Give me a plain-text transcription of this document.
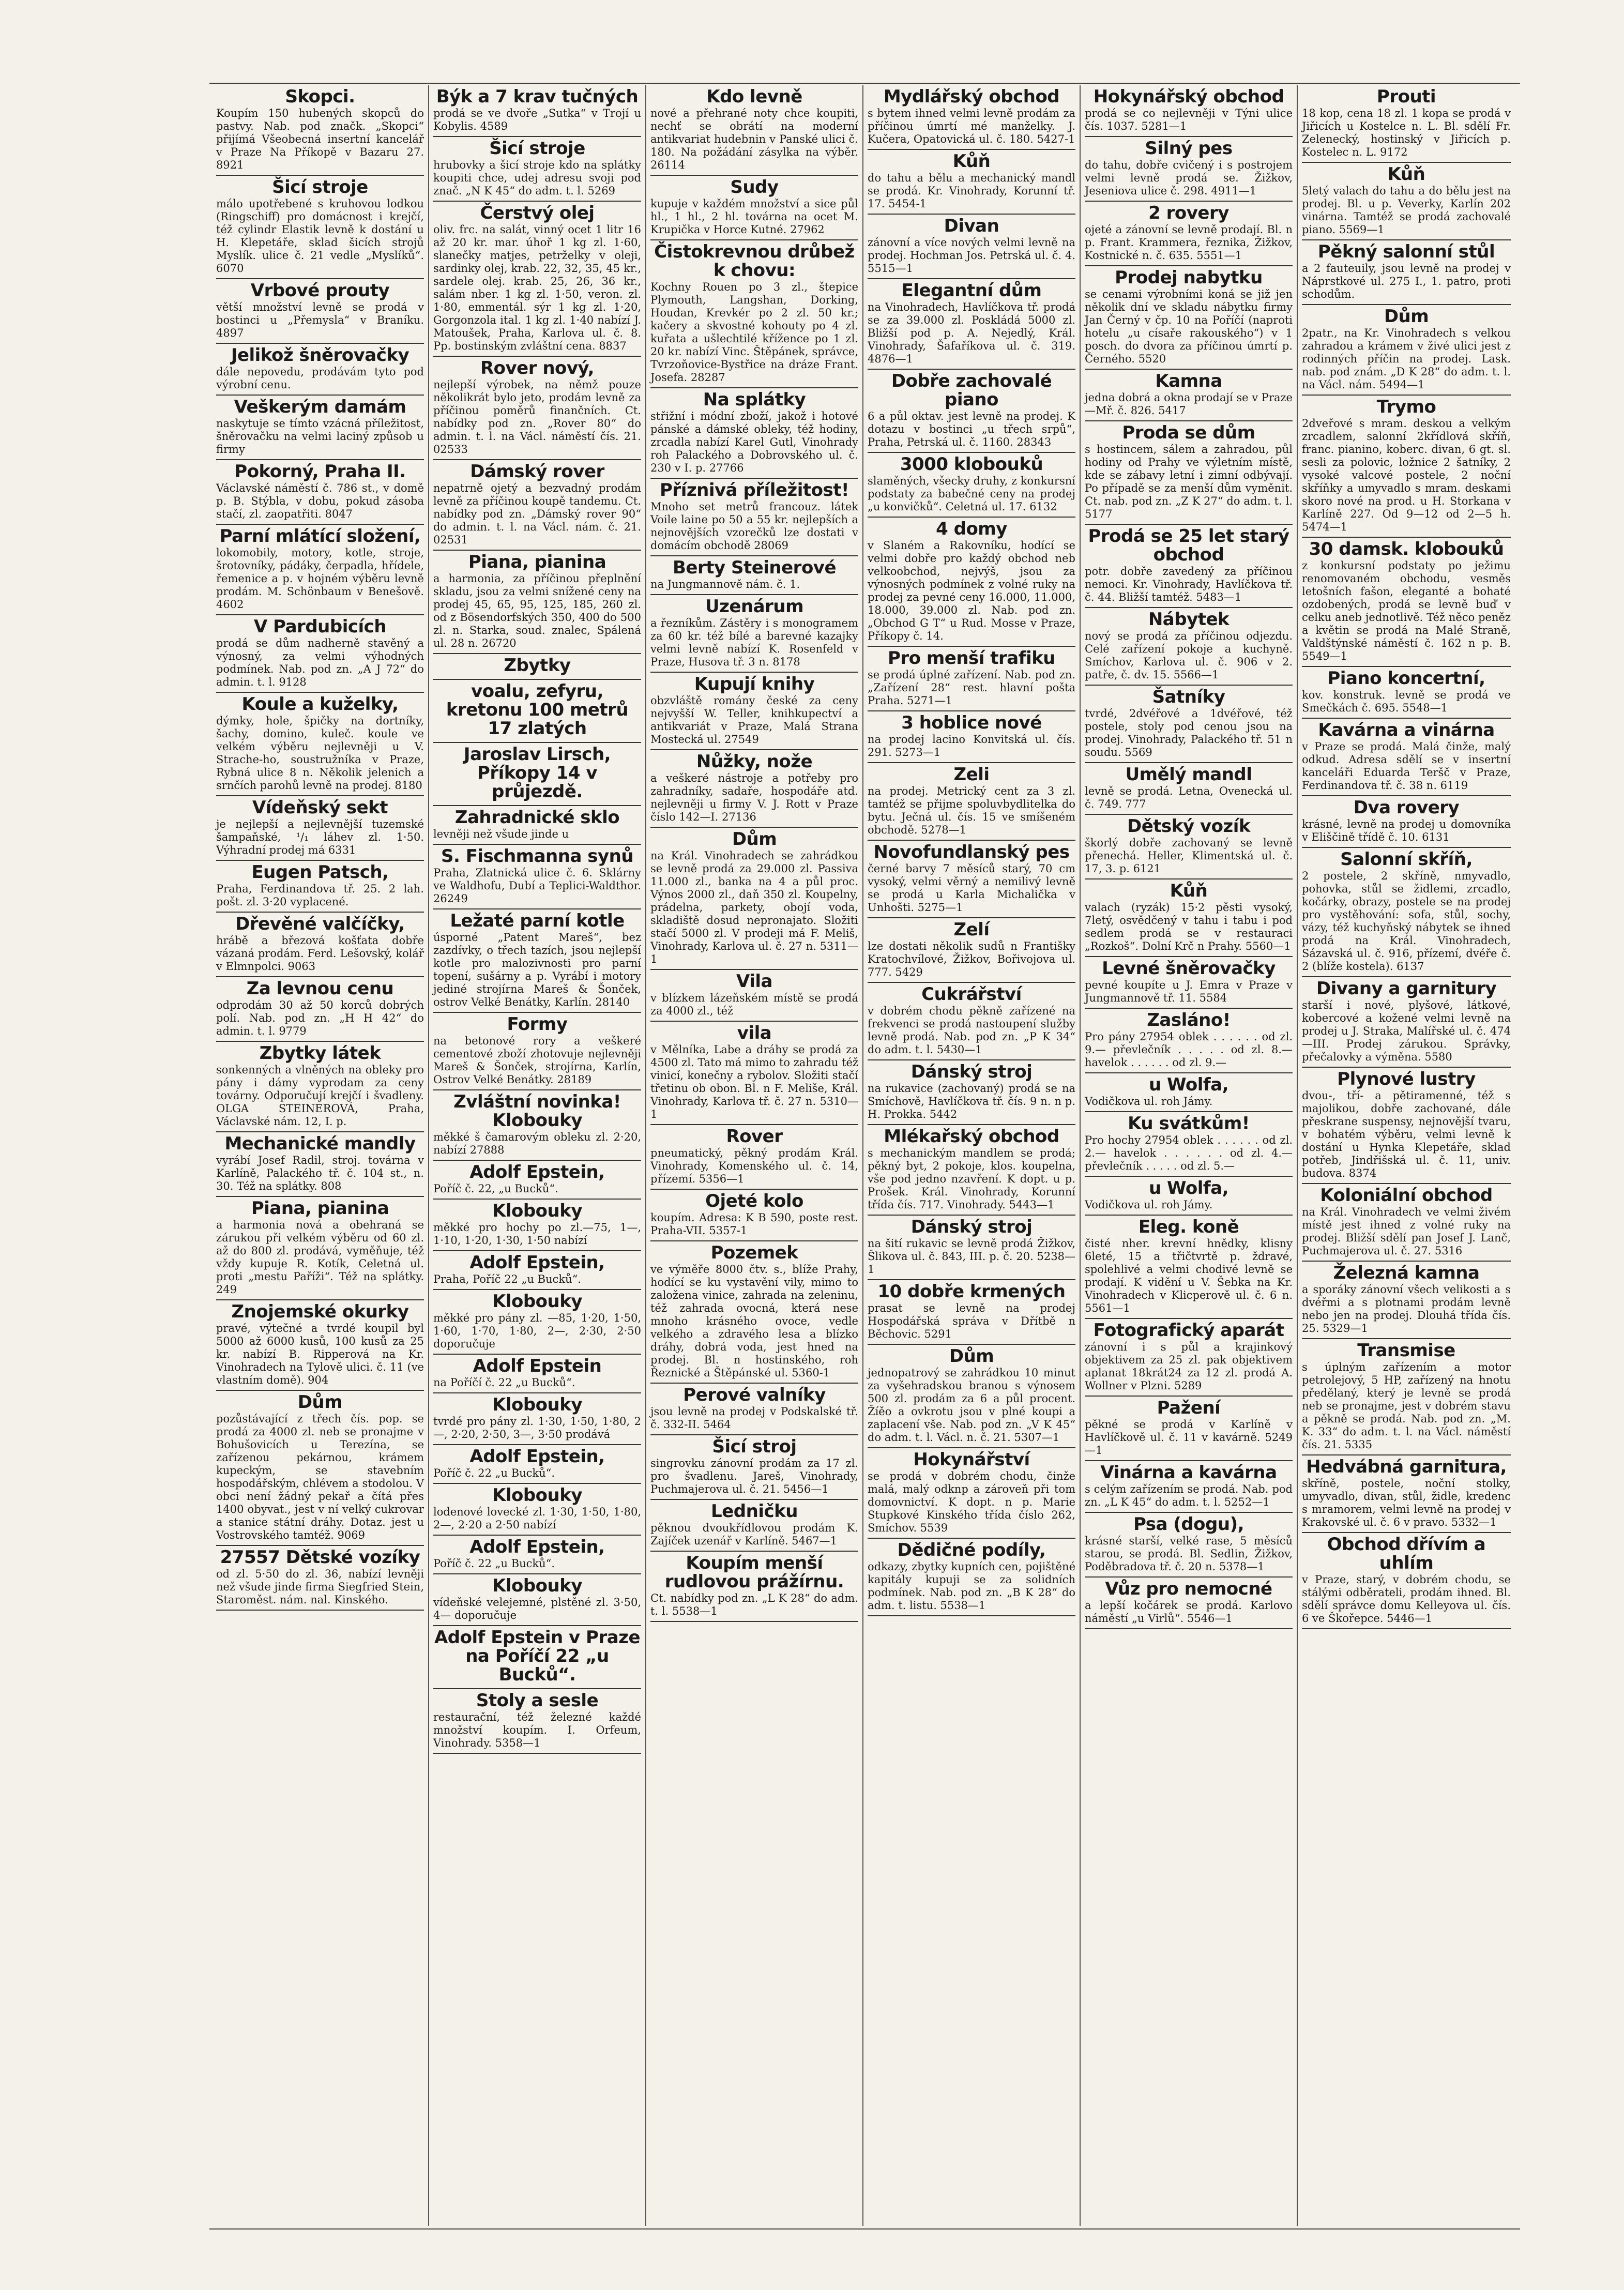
Skopci.

Koupím 150 hubených skopců do pastvy. Nab. pod značk. „Skopci“ přijímá Všeobecná insertní kancelář v Praze Na Příkopě v Bazaru 27. 8921

Šicí stroje

málo upotřebené s kruhovou lodkou (Ringschiff) pro domácnost i krejčí, též cylindr Elastik levně k dostání u H. Klepetáře, sklad šicích strojů Myslík. ulice č. 21 vedle „Myslíků“. 6070

Vrbové prouty

větší množství levně se prodá v bostinci u „Přemysla“ v Braníku. 4897

Jelikož šněrovačky

dále nepovedu, prodávám tyto pod výrobní cenu.

Veškerým damám

naskytuje se tímto vzácná příležitost, šněrovačku na velmi laciný způsob u firmy

Pokorný, Praha II.

Václavské náměstí č. 786 st., v domě p. B. Stýbla, v dobu, pokud zásoba stačí, zl. zaopatřiti. 8047

Parní mlátící složení,

lokomobily, motory, kotle, stroje, šrotovníky, pádáky, čerpadla, hřídele, řemenice a p. v hojném výběru levně prodám. M. Schönbaum v Benešově. 4602

V Pardubicích

prodá se dům nadherně stavěný a výnosný, za velmi výhodných podmínek. Nab. pod zn. „A J 72“ do admin. t. l. 9128

Koule a kuželky,

dýmky, hole, špičky na dortníky, šachy, domino, kuleč. koule ve velkém výběru nejlevněji u V. Strache-ho, soustružníka v Praze, Rybná ulice 8 n. Několik jelenich a srnčích parohů levně na prodej. 8180

Vídeňský sekt

je nejlepší a nejlevnější tuzemské šampaňské, ¹/₁ láhev zl. 1·50. Výhradní prodej má 6331

Eugen Patsch,

Praha, Ferdinandova tř. 25. 2 lah. pošt. zl. 3·20 vyplacené.

Dřevěné valčíčky,

hrábě a březová košťata dobře vázaná prodám. Ferd. Lešovský, kolář v Elmnpolci. 9063

Za levnou cenu

odprodám 30 až 50 korců dobrých polí. Nab. pod zn. „H H 42“ do admin. t. l. 9779

Zbytky látek

sonkenných a vlněných na obleky pro pány i dámy vyprodam za ceny továrny. Odporučují krejčí i švadleny. OLGA STEINEROVÁ, Praha, Václavské nám. 12, I. p.

Mechanické mandly

vyrábí Josef Radil, stroj. továrna v Karlíně, Palackého tř. č. 104 st., n. 30. Též na splátky. 808

Piana, pianina

a harmonia nová a obehraná se zárukou při velkém výběru od 60 zl. až do 800 zl. prodává, vyměňuje, též vždy kupuje R. Kotík, Celetná ul. proti „mestu Paříži“. Též na splátky. 249

Znojemské okurky

pravé, výtečné a tvrdé koupil byl 5000 až 6000 kusů, 100 kusů za 25 kr. nabízí B. Ripperová na Kr. Vinohradech na Tylově ulici. č. 11 (ve vlastním domě). 904

Dům

pozůstávající z třech čís. pop. se prodá za 4000 zl. neb se pronajme v Bohušovicích u Terezína, se zařízenou pekárnou, krámem kupeckým, se stavebním hospodářským, chlévem a stodolou. V obci není žádný pekař a čítá přes 1400 obyvat., jest v ní velký cukrovar a stanice státní dráhy. Dotaz. jest u Vostrovského tamtéž. 9069

27557 Dětské vozíky

od zl. 5·50 do zl. 36, nabízí levněji než všude jinde firma Siegfried Stein, Staroměst. nám. nal. Kinského.

Býk a 7 krav tučných

prodá se ve dvoře „Sutka“ v Trojí u Kobylis. 4589

Šicí stroje

hrubovky a šicí stroje kdo na splátky koupiti chce, udej adresu svoji pod znač. „N K 45“ do adm. t. l. 5269

Čerstvý olej

oliv. frc. na salát, vinný ocet 1 litr 16 až 20 kr. mar. úhoř 1 kg zl. 1·60, slanečky matjes, petrželky v oleji, sardinky olej, krab. 22, 32, 35, 45 kr., sardele olej. krab. 25, 26, 36 kr., salám nber. 1 kg zl. 1·50, veron. zl. 1·80, emmentál. sýr 1 kg zl. 1·20, Gorgonzola ital. 1 kg zl. 1·40 nabízí J. Matoušek, Praha, Karlova ul. č. 8. Pp. bostinským zvláštní cena. 8837

Rover nový,

nejlepší výrobek, na němž pouze několikrát bylo jeto, prodám levně za příčinou poměrů finančních. Ct. nabídky pod zn. „Rover 80“ do admin. t. l. na Václ. náměstí čís. 21. 02533

Dámský rover

nepatrně ojetý a bezvadný prodám levně za příčinou koupě tandemu. Ct. nabídky pod zn. „Dámský rover 90“ do admin. t. l. na Václ. nám. č. 21. 02531

Piana, pianina

a harmonia, za příčinou přeplnění skladu, jsou za velmi snížené ceny na prodej 45, 65, 95, 125, 185, 260 zl. od z Bösendorfských 350, 400 do 500 zl. n. Starka, soud. znalec, Spálená ul. 28 n. 26720

Zbytky
voalu, zefyru, kretonu 100 metrů 17 zlatých
Jaroslav Lirsch, Příkopy 14 v průjezdě.
Zahradnické sklo

levněji než všude jinde u

S. Fischmanna synů

Praha, Zlatnická ulice č. 6. Sklárny ve Waldhofu, Dubí a Teplici-Waldthor. 26249

Ležaté parní kotle

úsporné „Patent Mareš“, bez zazdívky, o třech tazích, jsou nejlepší kotle pro malozivnosti pro parní topení, sušárny a p. Vyrábí i motory jediné strojírna Mareš & Šonček, ostrov Velké Benátky, Karlín. 28140

Formy

na betonové rory a veškeré cementové zboží zhotovuje nejlevněji Mareš & Šonček, strojírna, Karlín, Ostrov Velké Benátky. 28189

Zvláštní novinka! Klobouky

měkké š čamarovým obleku zl. 2·20, nabízí 27888

Adolf Epstein,

Poříč č. 22, „u Bucků“.

Klobouky

měkké pro hochy po zl.—75, 1—, 1·10, 1·20, 1·30, 1·50 nabízí

Adolf Epstein,

Praha, Poříč 22 „u Bucků“.

Klobouky

měkké pro pány zl. —85, 1·20, 1·50, 1·60, 1·70, 1·80, 2—, 2·30, 2·50 doporučuje

Adolf Epstein

na Poříčí č. 22 „u Bucků“.

Klobouky

tvrdé pro pány zl. 1·30, 1·50, 1·80, 2—, 2·20, 2·50, 3—, 3·50 prodává

Adolf Epstein,

Poříč č. 22 „u Bucků“.

Klobouky

lodenové lovecké zl. 1·30, 1·50, 1·80, 2—, 2·20 a 2·50 nabízí

Adolf Epstein,

Poříč č. 22 „u Bucků“.

Klobouky

vídeňské velejemné, plstěné zl. 3·50, 4— doporučuje

Adolf Epstein v Praze na Poříčí 22 „u Bucků“.
Stoly a sesle

restaurační, též železné každé množství koupím. I. Orfeum, Vinohrady. 5358—1

Kdo levně

nové a přehrané noty chce koupiti, nechť se obrátí na moderní antikvariat hudebnin v Panské ulici č. 180. Na požádání zásylka na výběr. 26114

Sudy

kupuje v každém množství a sice půl hl., 1 hl., 2 hl. továrna na ocet M. Krupička v Horce Kutné. 27962

Čistokrevnou drůbež k chovu:

Kochny Rouen po 3 zl., štepice Plymouth, Langshan, Dorking, Houdan, Krevkér po 2 zl. 50 kr.; kačery a skvostné kohouty po 4 zl. kuřata a ušlechtilé křížence po 1 zl. 20 kr. nabízí Vinc. Štěpánek, správce, Tvrzoňovice-Bystřice na dráze Frant. Josefa. 28287

Na splátky

střižní i módní zboží, jakož i hotové pánské a dámské obleky, též hodiny, zrcadla nabízí Karel Gutl, Vinohrady roh Palackého a Dobrovského ul. č. 230 v I. p. 27766

Příznivá příležitost!

Mnoho set metrů francouz. látek Voile laine po 50 a 55 kr. nejlepších a nejnovějších vzorečků lze dostati v domácím obchodě 28069

Berty Steinerové

na Jungmannově nám. č. 1.

Uzenárum

a řezníkům. Zástěry i s monogramem za 60 kr. též bílé a barevné kazajky velmi levně nabízí K. Rosenfeld v Praze, Husova tř. 3 n. 8178

Kupují knihy

obzvláště romány české za ceny nejvyšší W. Teller, knihkupectví a antikvariát v Praze, Malá Strana Mostecká ul. 27549

Nůžky, nože

a veškeré nástroje a potřeby pro zahradníky, sadaře, hospodáře atd. nejlevněji u firmy V. J. Rott v Praze číslo 142—I. 27136

Dům

na Král. Vinohradech se zahrádkou se levně prodá za 29.000 zl. Passiva 11.000 zl., banka na 4 a půl proc. Výnos 2000 zl., daň 350 zl. Koupelny, prádelna, parkety, obojí voda, skladiště dosud nepronajato. Složiti stačí 5000 zl. V prodeji má F. Meliš, Vinohrady, Karlova ul. č. 27 n. 5311—1

Vila

v blízkem lázeňském místě se prodá za 4000 zl., též

vila

v Mělníka, Labe a dráhy se prodá za 4500 zl. Tato má mimo to zahradu též vinicí, konečny a rybolov. Složiti stačí třetinu ob obon. Bl. n F. Meliše, Král. Vinohrady, Karlova tř. č. 27 n. 5310—1

Rover

pneumatický, pěkný prodám Král. Vinohrady, Komenského ul. č. 14, přízemí. 5356—1

Ojeté kolo

koupím. Adresa: K B 590, poste rest. Praha-VII. 5357-1

Pozemek

ve výměře 8000 čtv. s., blíže Prahy, hodící se ku vystavění vily, mimo to založena vinice, zahrada na zeleninu, též zahrada ovocná, která nese mnoho krásného ovoce, vedle velkého a zdravého lesa a blízko dráhy, dobrá voda, jest hned na prodej. Bl. n hostinského, roh Řeznické a Štěpánské ul. 5360-1

Perové valníky

jsou levně na prodej v Podskalské tř. č. 332-II. 5464

Šicí stroj

singrovku zánovní prodám za 17 zl. pro švadlenu. Jareš, Vinohrady, Puchmajerova ul. č. 21. 5456—1

Ledničku

pěknou dvoukřídlovou prodám K. Zajíček uzenář v Karlíně. 5467—1

Koupím menší rudlovou prážírnu.

Ct. nabídky pod zn. „L K 28“ do adm. t. l. 5538—1

Mydlářský obchod

s bytem ihned velmi levně prodám za příčinou úmrtí mé manželky. J. Kučera, Opatovická ul. č. 180. 5427-1

Kůň

do tahu a bělu a mechanický mandl se prodá. Kr. Vinohrady, Korunní tř. 17. 5454-1

Divan

zánovní a více nových velmi levně na prodej. Hochman Jos. Petrská ul. č. 4. 5515—1

Elegantní dům

na Vinohradech, Havlíčkova tř. prodá se za 39.000 zl. Poskládá 5000 zl. Bližší pod p. A. Nejedlý, Král. Vinohrady, Šafaříkova ul. č. 319. 4876—1

Dobře zachovalé piano

6 a půl oktav. jest levně na prodej. K dotazu v bostinci „u třech srpů“, Praha, Petrská ul. č. 1160. 28343

3000 klobouků

slaměných, všecky druhy, z konkursní podstaty za babečné ceny na prodej „u konvičků“. Celetná ul. 17. 6132

4 domy

v Slaném a Rakovníku, hodící se velmi dobře pro každý obchod neb velkoobchod, nejvýš, jsou za výnosných podmínek z volné ruky na prodej za pevné ceny 16.000, 11.000, 18.000, 39.000 zl. Nab. pod zn. „Obchod G T“ u Rud. Mosse v Praze, Příkopy č. 14.

Pro menší trafiku

se prodá úplné zařízení. Nab. pod zn. „Zařízení 28“ rest. hlavní pošta Praha. 5271—1

3 hoblice nové

na prodej lacino Konvitská ul. čís. 291. 5273—1

Zeli

na prodej. Metrický cent za 3 zl. tamtéž se přijme spoluvbydlitelka do bytu. Ječná ul. čís. 15 ve smíšeném obchodě. 5278—1

Novofundlanský pes

černé barvy 7 měsíců starý, 70 cm vysoký, velmi věrný a nemilivý levně se prodá u Karla Michalička v Unhošti. 5275—1

Zelí

lze dostati několik sudů n Františky Kratochvílové, Žižkov, Bořivojova ul. 777. 5429

Cukrářství

v dobrém chodu pěkně zařízené na frekvenci se prodá nastoupení služby levně prodá. Nab. pod zn. „P K 34“ do adm. t. l. 5430—1

Dánský stroj

na rukavice (zachovaný) prodá se na Smíchově, Havlíčkova tř. čís. 9 n. n p. H. Prokka. 5442

Mlékařský obchod

s mechanickým mandlem se prodá; pěkný byt, 2 pokoje, klos. koupelna, vše pod jedno nzavření. K dopt. u p. Prošek. Král. Vinohrady, Korunní třída čís. 717. Vinohrady. 5443—1

Dánský stroj

na šití rukavic se levně prodá Žižkov, Šlikova ul. č. 843, III. p. č. 20. 5238—1

10 dobře krmených

prasat se levně na prodej Hospodářská správa v Dřítbě n Běchovic. 5291

Dům

jednopatrový se zahrádkou 10 minut za vyšehradskou branou s výnosem 500 zl. prodám za 6 a půl procent. Žíěo a ovkrotu jsou v plné koupi a zaplacení vše. Nab. pod zn. „V K 45“ do adm. t. l. Václ. n. č. 21. 5307—1

Hokynářství

se prodá v dobrém chodu, činže malá, malý odknp a zároveň při tom domovnictví. K dopt. n p. Marie Stupkové Kinského třída číslo 262, Smíchov. 5539

Dědičné podíly,

odkazy, zbytky kupních cen, pojištěné kapitály kupuji se za solidních podmínek. Nab. pod zn. „B K 28“ do adm. t. listu. 5538—1

Hokynářský obchod

prodá se co nejlevněji v Týni ulice čís. 1037. 5281—1

Silný pes

do tahu, dobře cvičený i s postrojem velmi levně prodá se. Žižkov, Jeseniova ulice č. 298. 4911—1

2 rovery

ojeté a zánovní se levně prodají. Bl. n p. Frant. Krammera, řeznika, Žižkov, Kostnické n. č. 635. 5551—1

Prodej nabytku

se cenami výrobními koná se již jen několik dní ve skladu nábytku firmy Jan Černý v čp. 10 na Poříčí (naproti hotelu „u císaře rakouského“) v 1 posch. do dvora za příčinou úmrtí p. Černého. 5520

Kamna

jedna dobrá a okna prodají se v Praze—Mř. č. 826. 5417

Proda se dům

s hostincem, sálem a zahradou, půl hodiny od Prahy ve výletním místě, kde se zábavy letní i zimní odbývají. Po případě se za menší dům vyměnit. Ct. nab. pod zn. „Z K 27“ do adm. t. l. 5177

Prodá se 25 let starý obchod

potr. dobře zavedený za příčinou nemoci. Kr. Vinohrady, Havlíčkova tř. č. 44. Bližší tamtéž. 5483—1

Nábytek

nový se prodá za příčinou odjezdu. Celé zařízení pokoje a kuchyně. Smíchov, Karlova ul. č. 906 v 2. patře, č. dv. 15. 5566—1

Šatníky

tvrdé, 2dvéřové a 1dvéřové, též postele, stoly pod cenou jsou na prodej. Vinohrady, Palackého tř. 51 n soudu. 5569

Umělý mandl

levně se prodá. Letna, Ovenecká ul. č. 749. 777

Dětský vozík

škorlý dobře zachovaný se levně přenechá. Heller, Klimentská ul. č. 17, 3. p. 6121

Kůň

valach (ryzák) 15·2 pěsti vysoký, 7letý, osvědčený v tahu i tabu i pod sedlem prodá se v restauraci „Rozkoš“. Dolní Krč n Prahy. 5560—1

Levné šněrovačky

pevné koupíte u J. Emra v Praze v Jungmannově tř. 11. 5584

Zasláno!

Pro pány 27954 oblek . . . . . . od zl. 9.— převlečník . . . . . od zl. 8.— havelok . . . . . . od zl. 9.—

u Wolfa,

Vodičkova ul. roh Jámy.

Ku svátkům!

Pro hochy 27954 oblek . . . . . . od zl. 2.— havelok . . . . . . od zl. 4.— převlečník . . . . . od zl. 5.—

u Wolfa,

Vodičkova ul. roh Jámy.

Eleg. koně

čisté nher. krevní hnědky, klisny 6leté, 15 a třičtvrtě p. ždravé, spolehlivé a velmi chodivé levně se prodají. K vidění u V. Šebka na Kr. Vinohradech v Klicperově ul. č. 6 n. 5561—1

Fotografický aparát

zánovní i s půl a krajinkový objektivem za 25 zl. pak objektivem aplanat 18krát24 za 12 zl. prodá A. Wollner v Plzni. 5289

Pažení

pěkné se prodá v Karlíně v Havlíčkově ul. č. 11 v kavárně. 5249—1

Vinárna a kavárna

s celým zařízením se prodá. Nab. pod zn. „L K 45“ do adm. t. l. 5252—1

Psa (dogu),

krásné starší, velké rase, 5 měsíců starou, se prodá. Bl. Sedlin, Žižkov, Poděbradova tř. č. 20 n. 5378—1

Vůz pro nemocné

a lepší kočárek se prodá. Karlovo náměstí „u Virlů“. 5546—1

Prouti

18 kop, cena 18 zl. 1 kopa se prodá v Jiřicích u Kostelce n. L. Bl. sdělí Fr. Zelenecký, hostinský v Jiřicích p. Kostelec n. L. 9172

Kůň

5letý valach do tahu a do bělu jest na prodej. Bl. u p. Veverky, Karlín 202 vinárna. Tamtéž se prodá zachovalé piano. 5569—1

Pěkný salonní stůl

a 2 fauteuily, jsou levně na prodej v Náprstkové ul. 275 I., 1. patro, proti schodům.

Dům

2patr., na Kr. Vinohradech s velkou zahradou a krámem v živé ulici jest z rodinných příčin na prodej. Lask. nab. pod znám. „D K 28“ do adm. t. l. na Václ. nám. 5494—1

Trymo

2dveřové s mram. deskou a velkým zrcadlem, salonní 2křídlová skříň, franc. pianino, koberc. divan, 6 gt. sl. sesli za polovic, ložnice 2 šatníky, 2 vysoké valcové postele, 2 noční skříňky a umyvadlo s mram. deskami skoro nové na prod. u H. Storkana v Karlíně 227. Od 9—12 od 2—5 h. 5474—1

30 damsk. klobouků

z konkursní podstaty po ježimu renomovaném obchodu, vesměs letošních fašon, eleganté a bohaté ozdobených, prodá se levně buď v celku aneb jednotlivě. Též něco peněz a květin se prodá na Malé Straně, Valdštýnské náměstí č. 162 n p. B. 5549—1

Piano koncertní,

kov. konstruk. levně se prodá ve Smečkách č. 695. 5548—1

Kavárna a vinárna

v Praze se prodá. Malá činže, malý odkud. Adresa sdělí se v insertní kanceláři Eduarda Teršč v Praze, Ferdinandova tř. č. 38 n. 6119

Dva rovery

krásné, levně na prodej u domovníka v Eliščině třídě č. 10. 6131

Salonní skříň,

2 postele, 2 skříně, nmyvadlo, pohovka, stůl se židlemi, zrcadlo, kočárky, obrazy, postele se na prodej pro vystěhování: sofa, stůl, sochy, vázy, též kuchyňský nábytek se ihned prodá na Král. Vinohradech, Sázavská ul. č. 916, přízemí, dvéře č. 2 (blíže kostela). 6137

Divany a garnitury

starší i nové, plyšové, látkové, kobercové a kožené velmi levně na prodej u J. Straka, Malířské ul. č. 474—III. Prodej zárukou. Správky, přečalovky a výměna. 5580

Plynové lustry

dvou-, tří- a pětiramenné, též s majolikou, dobře zachované, dále přeskrane suspensy, nejnovější tvaru, v bohatém výběru, velmi levně k dostání u Hynka Klepetáře, sklad potřeb, Jindřišská ul. č. 11, univ. budova. 8374

Koloniální obchod

na Král. Vinohradech ve velmi živém místě jest ihned z volné ruky na prodej. Bližší sdělí pan Josef J. Lanč, Puchmajerova ul. č. 27. 5316

Železná kamna

a sporáky zánovní všech velikosti a s dvéřmi a s plotnami prodám levně nebo jen na prodej. Dlouhá třída čís. 25. 5329—1

Transmise

s úplným zařízením a motor petrolejový, 5 HP, zařízený na hnotu předělaný, který je levně se prodá neb se pronajme, jest v dobrém stavu a pěkně se prodá. Nab. pod zn. „M. K. 33“ do adm. t. l. na Václ. náměstí čís. 21. 5335

Hedvábná garnitura,

skříně, postele, noční stolky, umyvadlo, divan, stůl, židle, kredenc s mramorem, velmi levně na prodej v Krakovské ul. č. 6 v pravo. 5332—1

Obchod dřívím a uhlím

v Praze, starý, v dobrém chodu, se stálými odběrateli, prodám ihned. Bl. sdělí správce domu Kelleyova ul. čís. 6 ve Škořepce. 5446—1
